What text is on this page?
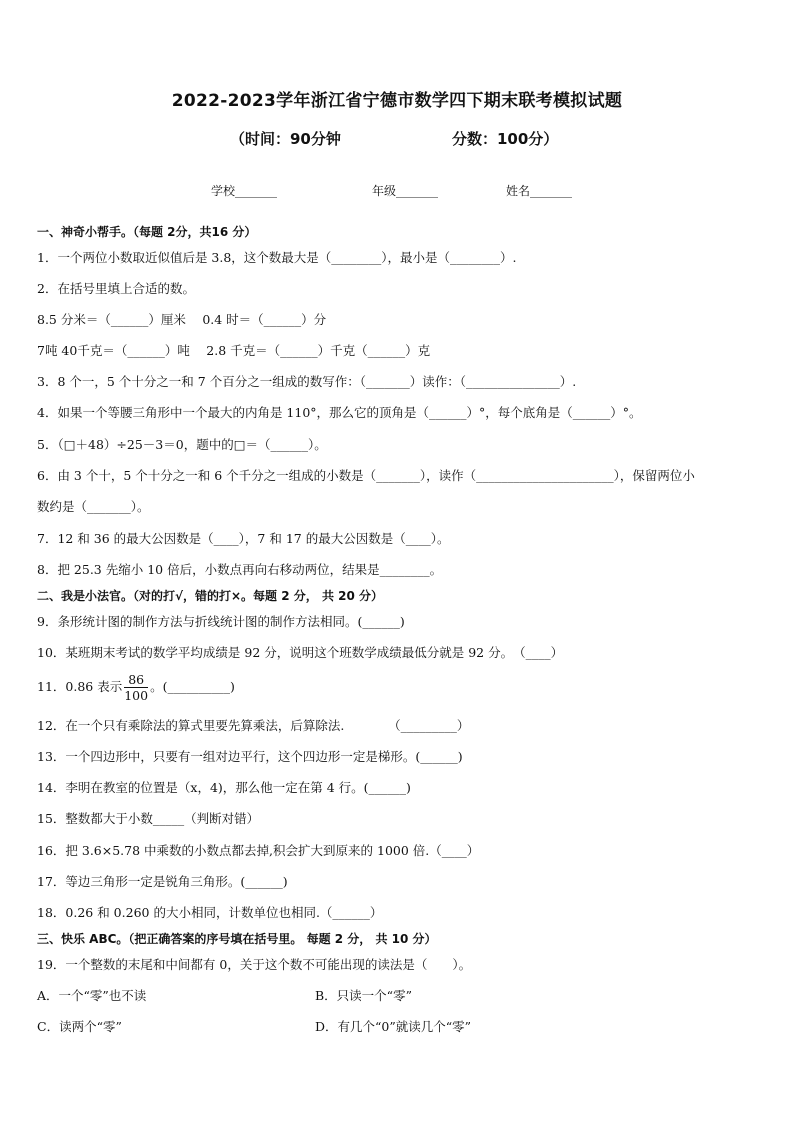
2022-2023学年浙江省宁德市数学四下期末联考模拟试题
（时间：90分钟	分数：100分）
学校_______	年级_______	姓名_______
一、神奇小帮手。（每题 2分，共16 分）
1．一个两位小数取近似值后是 3.8，这个数最大是（________），最小是（________）.
2．在括号里填上合适的数。
8.5 分米＝（______）厘米　 0.4 时＝（______）分
7吨 40千克＝（______）吨　 2.8 千克＝（______）千克（______）克
3．8 个一，5 个十分之一和 7 个百分之一组成的数写作：（_______）读作：（_______________）.
4．如果一个等腰三角形中一个最大的内角是 110°，那么它的顶角是（______）°，每个底角是（______）°。
5．（□＋48）÷25－3＝0，题中的□＝（______）。
6．由 3 个十，5 个十分之一和 6 个千分之一组成的小数是（_______），读作（______________________），保留两位小
数约是（_______）。
7．12 和 36 的最大公因数是（____），7 和 17 的最大公因数是（____）。
8．把 25.3 先缩小 10 倍后，小数点再向右移动两位，结果是________。
二、我是小法官。（对的打√，错的打×。每题 2 分， 共 20 分）
9．条形统计图的制作方法与折线统计图的制作方法相同。(______)
10．某班期末考试的数学平均成绩是 92 分，说明这个班数学成绩最低分就是 92 分。　（____）
11．0.86 表示 $\frac{86}{100}$ 。(__________)
12．在一个只有乘除法的算式里要先算乘法，后算除法.　　　　（_________）
13．一个四边形中，只要有一组对边平行，这个四边形一定是梯形。(______)
14．李明在教室的位置是（x，4)，那么他一定在第 4 行。(______)
15．整数都大于小数_____（判断对错）
16．把 3.6×5.78 中乘数的小数点都去掉,积会扩大到原来的 1000 倍.（____）
17．等边三角形一定是锐角三角形。(______)
18．0.26 和 0.260 的大小相同，计数单位也相同.（______）
三、快乐 ABC。（把正确答案的序号填在括号里。 每题 2 分， 共 10 分）
19．一个整数的末尾和中间都有 0，关于这个数不可能出现的读法是（　　）。
A．一个“零”也不读	B．只读一个“零”
C．读两个“零”	D．有几个“0”就读几个“零”
